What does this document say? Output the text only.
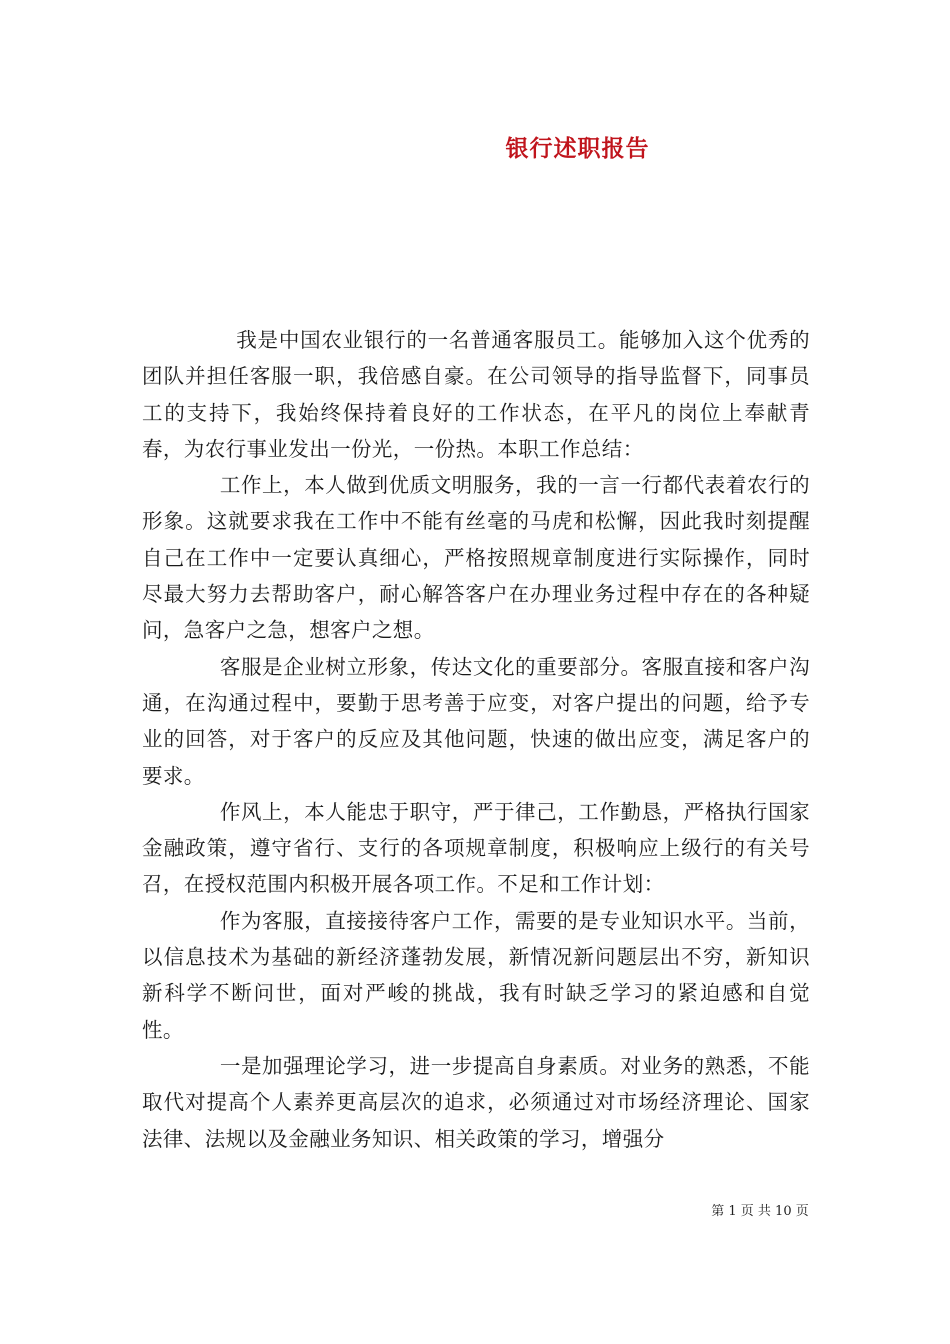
银行述职报告

我是中国农业银行的一名普通客服员工。能够加入这个优秀的团队并担任客服一职，我倍感自豪。在公司领导的指导监督下，同事员工的支持下，我始终保持着良好的工作状态，在平凡的岗位上奉献青春，为农行事业发出一份光，一份热。本职工作总结：

工作上，本人做到优质文明服务，我的一言一行都代表着农行的形象。这就要求我在工作中不能有丝毫的马虎和松懈，因此我时刻提醒自己在工作中一定要认真细心，严格按照规章制度进行实际操作，同时尽最大努力去帮助客户，耐心解答客户在办理业务过程中存在的各种疑问，急客户之急，想客户之想。

客服是企业树立形象，传达文化的重要部分。客服直接和客户沟通，在沟通过程中，要勤于思考善于应变，对客户提出的问题，给予专业的回答，对于客户的反应及其他问题，快速的做出应变，满足客户的要求。

作风上，本人能忠于职守，严于律己，工作勤恳，严格执行国家金融政策，遵守省行、支行的各项规章制度，积极响应上级行的有关号召，在授权范围内积极开展各项工作。不足和工作计划：

作为客服，直接接待客户工作，需要的是专业知识水平。当前，以信息技术为基础的新经济蓬勃发展，新情况新问题层出不穷，新知识新科学不断问世，面对严峻的挑战，我有时缺乏学习的紧迫感和自觉性。

一是加强理论学习，进一步提高自身素质。对业务的熟悉，不能取代对提高个人素养更高层次的追求，必须通过对市场经济理论、国家法律、法规以及金融业务知识、相关政策的学习，增强分

第 1 页 共 10 页
